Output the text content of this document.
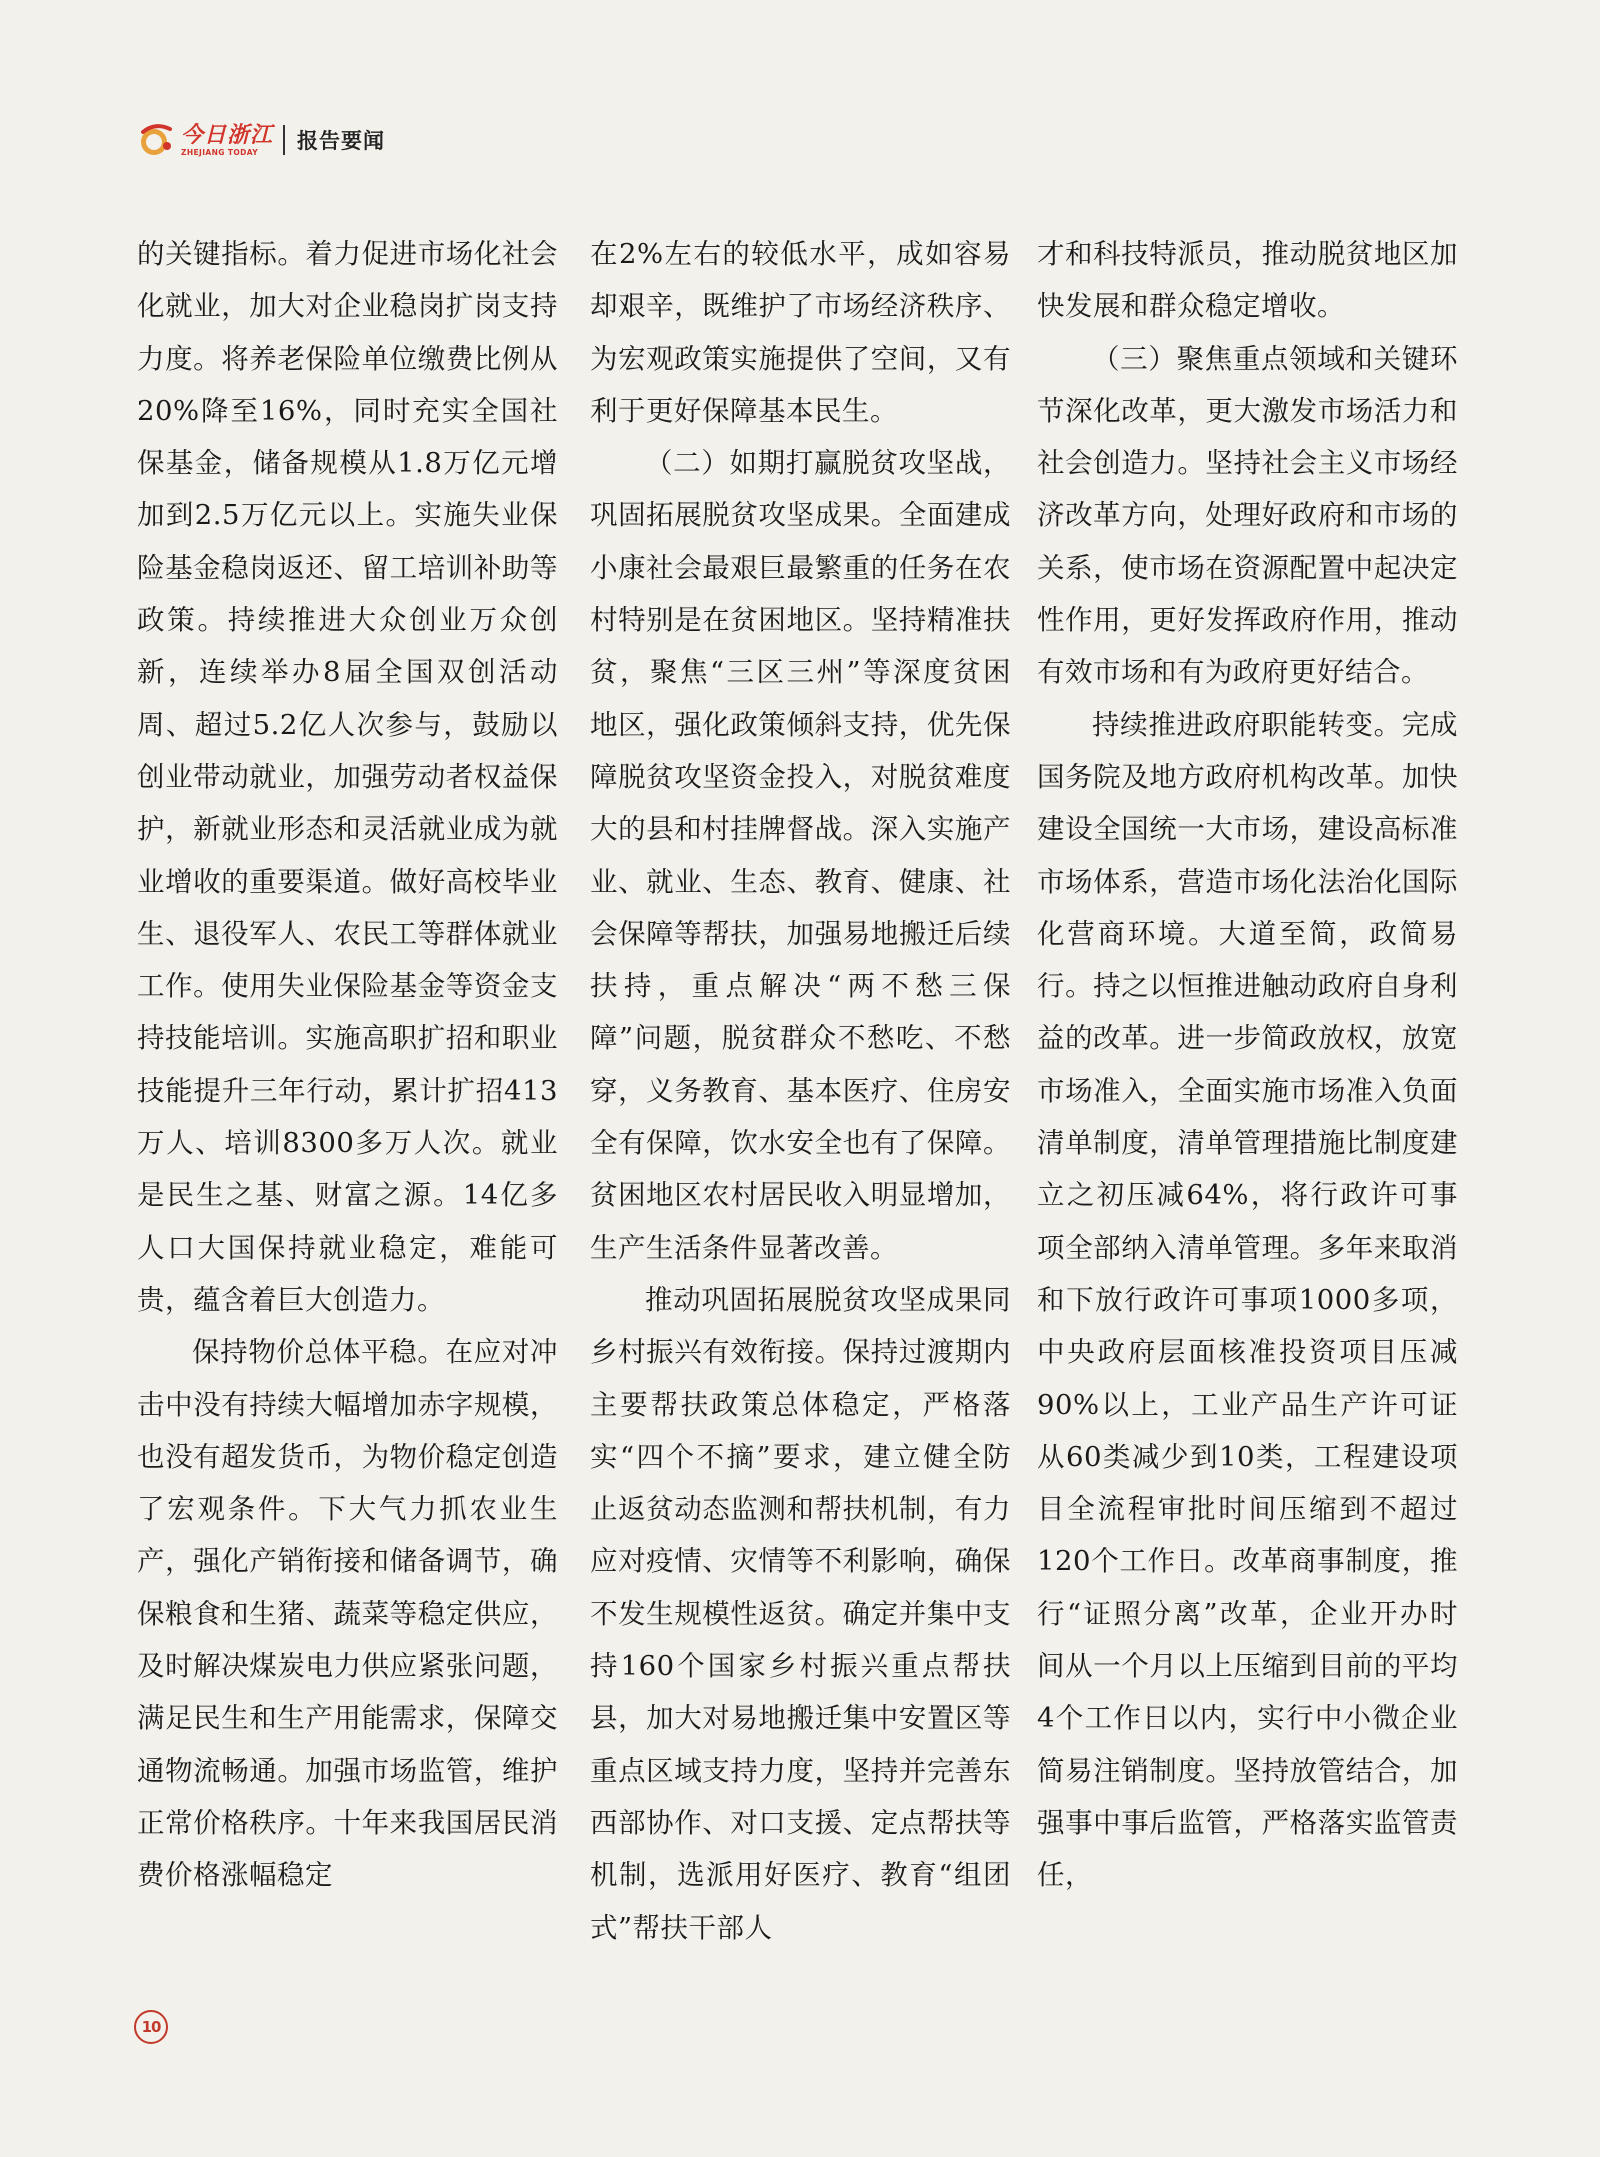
今日浙江
ZHEJIANG TODAY	报告要闻

的关键指标。着力促进市场化社会化就业，加大对企业稳岗扩岗支持力度。将养老保险单位缴费比例从20%降至16%，同时充实全国社保基金，储备规模从1.8万亿元增加到2.5万亿元以上。实施失业保险基金稳岗返还、留工培训补助等政策。持续推进大众创业万众创新，连续举办8届全国双创活动周、超过5.2亿人次参与，鼓励以创业带动就业，加强劳动者权益保护，新就业形态和灵活就业成为就业增收的重要渠道。做好高校毕业生、退役军人、农民工等群体就业工作。使用失业保险基金等资金支持技能培训。实施高职扩招和职业技能提升三年行动，累计扩招413万人、培训8300多万人次。就业是民生之基、财富之源。14亿多人口大国保持就业稳定，难能可贵，蕴含着巨大创造力。

保持物价总体平稳。在应对冲击中没有持续大幅增加赤字规模，也没有超发货币，为物价稳定创造了宏观条件。下大气力抓农业生产，强化产销衔接和储备调节，确保粮食和生猪、蔬菜等稳定供应，及时解决煤炭电力供应紧张问题，满足民生和生产用能需求，保障交通物流畅通。加强市场监管，维护正常价格秩序。十年来我国居民消费价格涨幅稳定

在2%左右的较低水平，成如容易却艰辛，既维护了市场经济秩序、为宏观政策实施提供了空间，又有利于更好保障基本民生。

（二）如期打赢脱贫攻坚战，巩固拓展脱贫攻坚成果。全面建成小康社会最艰巨最繁重的任务在农村特别是在贫困地区。坚持精准扶贫，聚焦“三区三州”等深度贫困地区，强化政策倾斜支持，优先保障脱贫攻坚资金投入，对脱贫难度大的县和村挂牌督战。深入实施产业、就业、生态、教育、健康、社会保障等帮扶，加强易地搬迁后续扶持，重点解决“两不愁三保障”问题，脱贫群众不愁吃、不愁穿，义务教育、基本医疗、住房安全有保障，饮水安全也有了保障。贫困地区农村居民收入明显增加，生产生活条件显著改善。

推动巩固拓展脱贫攻坚成果同乡村振兴有效衔接。保持过渡期内主要帮扶政策总体稳定，严格落实“四个不摘”要求，建立健全防止返贫动态监测和帮扶机制，有力应对疫情、灾情等不利影响，确保不发生规模性返贫。确定并集中支持160个国家乡村振兴重点帮扶县，加大对易地搬迁集中安置区等重点区域支持力度，坚持并完善东西部协作、对口支援、定点帮扶等机制，选派用好医疗、教育“组团式”帮扶干部人

才和科技特派员，推动脱贫地区加快发展和群众稳定增收。

（三）聚焦重点领域和关键环节深化改革，更大激发市场活力和社会创造力。坚持社会主义市场经济改革方向，处理好政府和市场的关系，使市场在资源配置中起决定性作用，更好发挥政府作用，推动有效市场和有为政府更好结合。

持续推进政府职能转变。完成国务院及地方政府机构改革。加快建设全国统一大市场，建设高标准市场体系，营造市场化法治化国际化营商环境。大道至简，政简易行。持之以恒推进触动政府自身利益的改革。进一步简政放权，放宽市场准入，全面实施市场准入负面清单制度，清单管理措施比制度建立之初压减64%，将行政许可事项全部纳入清单管理。多年来取消和下放行政许可事项1000多项，中央政府层面核准投资项目压减90%以上，工业产品生产许可证从60类减少到10类，工程建设项目全流程审批时间压缩到不超过120个工作日。改革商事制度，推行“证照分离”改革，企业开办时间从一个月以上压缩到目前的平均4个工作日以内，实行中小微企业简易注销制度。坚持放管结合，加强事中事后监管，严格落实监管责任，

10
